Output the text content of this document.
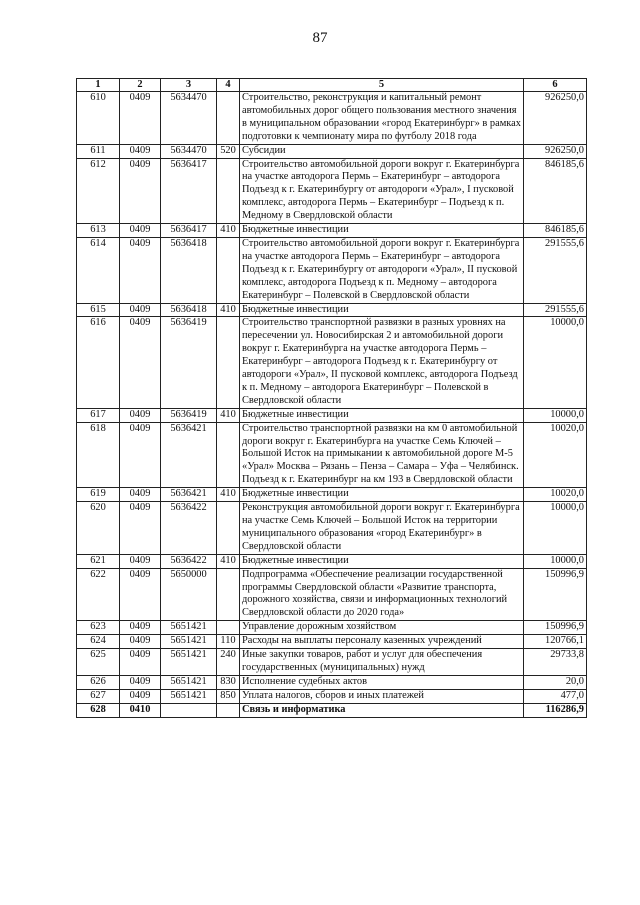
87
1	2	3	4	5	6
610	0409	5634470		Строительство, реконструкция и капитальный ремонт автомобильных дорог общего пользования местного значения в муниципальном образовании «город Екатеринбург» в рамках подготовки к чемпионату мира по футболу 2018 года	926250,0
611	0409	5634470	520	Субсидии	926250,0
612	0409	5636417		Строительство автомобильной дороги вокруг г. Екатеринбурга на участке автодорога Пермь – Екатеринбург – автодорога Подъезд к г. Екатеринбургу от автодороги «Урал», I пусковой комплекс, автодорога Пермь – Екатеринбург – Подъезд к п. Медному в Свердловской области	846185,6
613	0409	5636417	410	Бюджетные инвестиции	846185,6
614	0409	5636418		Строительство автомобильной дороги вокруг г. Екатеринбурга на участке автодорога Пермь – Екатеринбург – автодорога Подъезд к г. Екатеринбургу от автодороги «Урал», II пусковой комплекс, автодорога Подъезд к п. Медному – автодорога Екатеринбург – Полевской в Свердловской области	291555,6
615	0409	5636418	410	Бюджетные инвестиции	291555,6
616	0409	5636419		Строительство транспортной развязки в разных уровнях на пересечении ул. Новосибирская 2 и автомобильной дороги вокруг г. Екатеринбурга на участке автодорога Пермь – Екатеринбург – автодорога Подъезд к г. Екатеринбургу от автодороги «Урал», II пусковой комплекс, автодорога Подъезд к п. Медному – автодорога Екатеринбург – Полевской в Свердловской области	10000,0
617	0409	5636419	410	Бюджетные инвестиции	10000,0
618	0409	5636421		Строительство транспортной развязки на км 0 автомобильной дороги вокруг г. Екатеринбурга на участке Семь Ключей – Большой Исток на примыкании к автомобильной дороге М-5 «Урал» Москва – Рязань – Пенза – Самара – Уфа – Челябинск. Подъезд к г. Екатеринбург на км 193 в Свердловской области	10020,0
619	0409	5636421	410	Бюджетные инвестиции	10020,0
620	0409	5636422		Реконструкция автомобильной дороги вокруг г. Екатеринбурга на участке Семь Ключей – Большой Исток на территории муниципального образования «город Екатеринбург» в Свердловской области	10000,0
621	0409	5636422	410	Бюджетные инвестиции	10000,0
622	0409	5650000		Подпрограмма «Обеспечение реализации государственной программы Свердловской области «Развитие транспорта, дорожного хозяйства, связи и информационных технологий Свердловской области до 2020 года»	150996,9
623	0409	5651421		Управление дорожным хозяйством	150996,9
624	0409	5651421	110	Расходы на выплаты персоналу казенных учреждений	120766,1
625	0409	5651421	240	Иные закупки товаров, работ и услуг для обеспечения государственных (муниципальных) нужд	29733,8
626	0409	5651421	830	Исполнение судебных актов	20,0
627	0409	5651421	850	Уплата налогов, сборов и иных платежей	477,0
628	0410			Связь и информатика	116286,9
